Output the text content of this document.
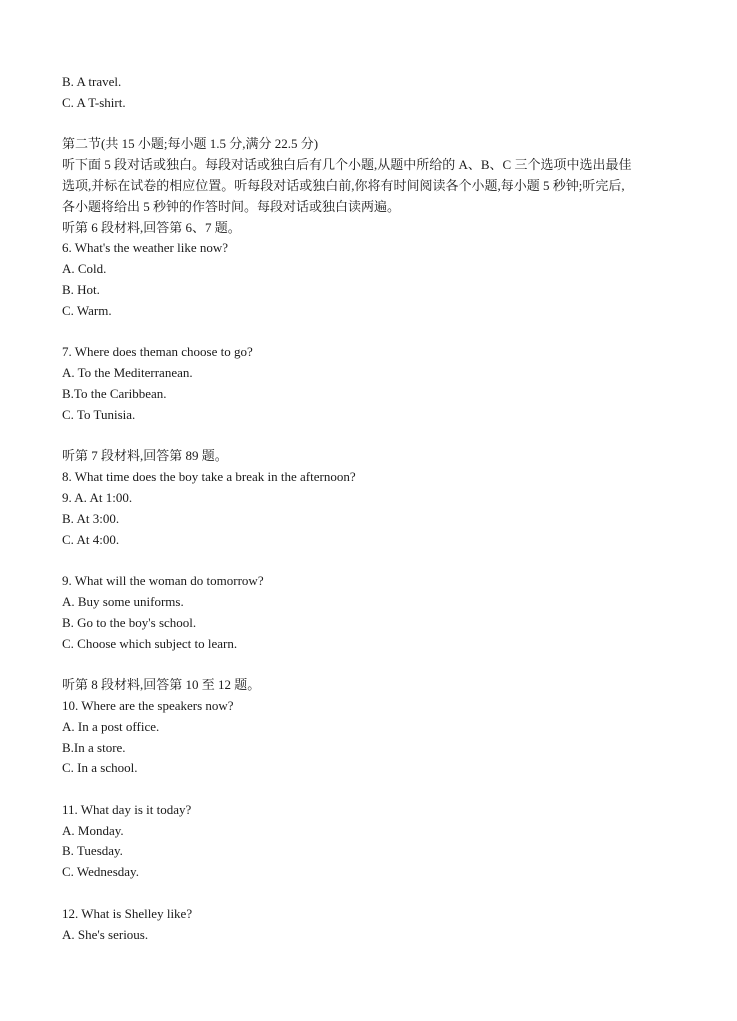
B. A travel.
C. A T-shirt.
第二节(共 15 小题;每小题 1.5 分,满分 22.5 分)
听下面 5 段对话或独白。每段对话或独白后有几个小题,从题中所给的 A、B、C 三个选项中选出最佳
选项,并标在试卷的相应位置。听每段对话或独白前,你将有时间阅读各个小题,每小题 5 秒钟;听完后,
各小题将给出 5 秒钟的作答时间。每段对话或独白读两遍。
听第 6 段材料,回答第 6、7 题。
6. What's the weather like now?
A. Cold.
B. Hot.
C. Warm.
7. Where does theman choose to go?
A. To the Mediterranean.
B.To the Caribbean.
C. To Tunisia.
听第 7 段材料,回答第 89 题。
8. What time does the boy take a break in the afternoon?
9. A. At 1:00.
B. At 3:00.
C. At 4:00.
9. What will the woman do tomorrow?
A. Buy some uniforms.
B. Go to the boy's school.
C. Choose which subject to learn.
听第 8 段材料,回答第 10 至 12 题。
10. Where are the speakers now?
A. In a post office.
B.In a store.
C. In a school.
11. What day is it today?
A. Monday.
B. Tuesday.
C. Wednesday.
12. What is Shelley like?
A. She's serious.
